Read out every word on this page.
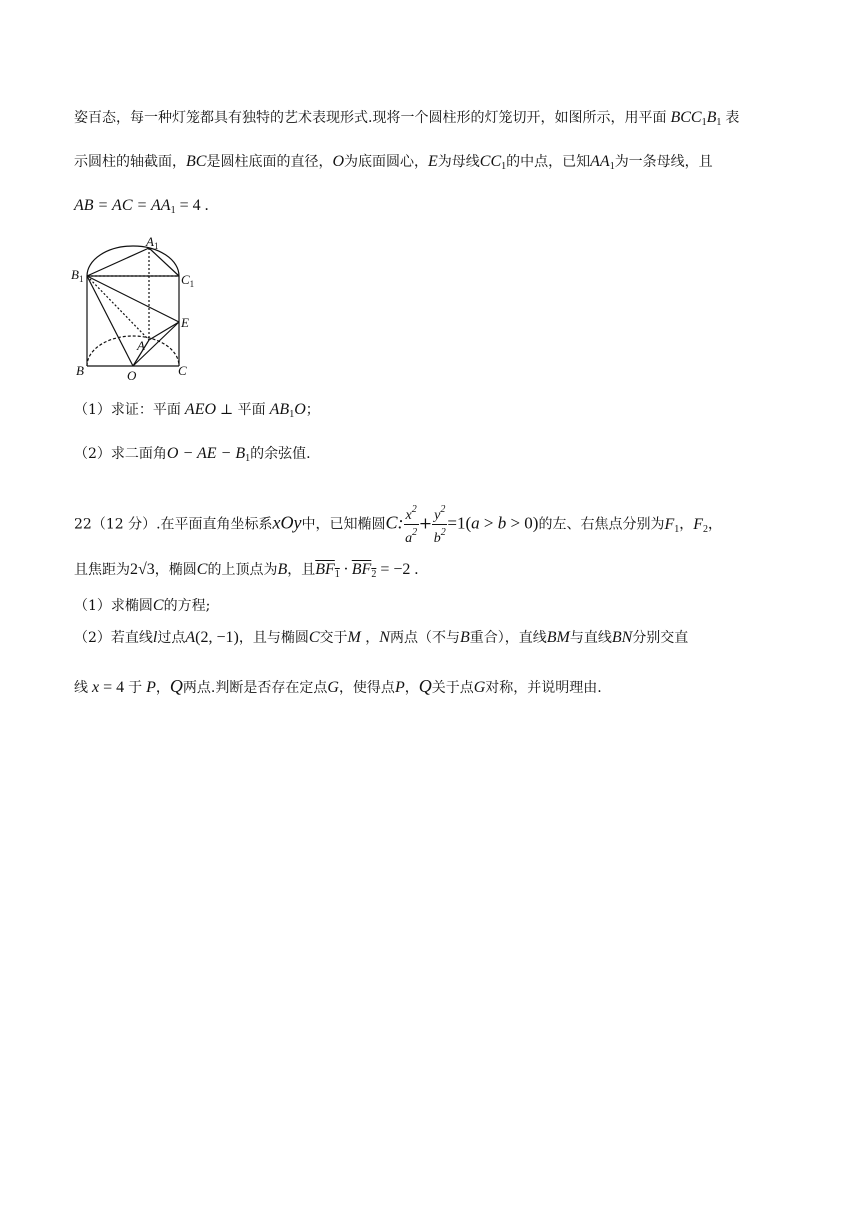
姿百态，每一种灯笼都具有独特的艺术表现形式.现将一个圆柱形的灯笼切开，如图所示，用平面 $BCC_1B_1$ 表
示圆柱的轴截面，BC是圆柱底面的直径，O为底面圆心，E为母线$CC_1$的中点，已知$AA_1$为一条母线，且
AB = AC = $AA_1 = 4$ .
$A_1$
$B_1$	$C_1$
E
A
B	O	C
（1）求证：平面 AEO ⊥ 平面 $AB_1O$；
（2）求二面角O − AE − $B_1$的余弦值.
22（12 分）.在平面直角坐标系xOy中，已知椭圆C: $\frac{x^2}{a^2} + \frac{y^2}{b^2} =1(a > b > 0)$的左、右焦点分别为$F_1$，$F_2$，
且焦距为2√3，椭圆C的上顶点为B，且$BF_1 \cdot BF_2 = -2$ .
（1）求椭圆C的方程;
（2）若直线l过点A(2, −1)，且与椭圆C交于M ，N两点（不与B重合），直线BM与直线BN分别交直
线 x = 4 于 P，Q两点.判断是否存在定点G，使得点P，Q关于点G对称，并说明理由.
